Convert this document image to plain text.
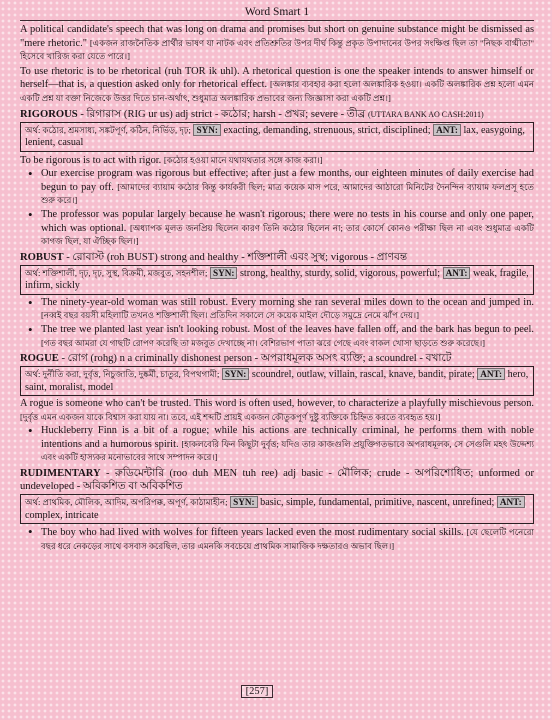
Word Smart 1

A political candidate's speech that was long on drama and promises but short on genuine substance might be dismissed as "mere rhetoric." [একজন রাজনৈতিক প্রার্থীর ভাষণ যা নাটক এবং প্রতিশ্রুতির উপর দীর্ঘ কিন্তু প্রকৃত উপাদানের উপর সংক্ষিপ্ত ছিল তা "নিছক বাগ্মীতা" হিসেবে খারিজ করা যেতে পারে।]

To use rhetoric is to be rhetorical (ruh TOR ik uhl). A rhetorical question is one the speaker intends to answer himself or herself—that is, a question asked only for rhetorical effect. [অলঙ্কার ব্যবহার করা হলো অলঙ্কারিক হওয়া। একটি অলঙ্কারিক প্রশ্ন হলো এমন একটি প্রশ্ন যা বক্তা নিজেকে উত্তর দিতে চান-অর্থাৎ, শুধুমাত্র অলঙ্কারিক প্রভাবের জন্য জিজ্ঞাসা করা একটি প্রশ্ন।]

RIGOROUS - রিগারাস (RIG ur us) adj strict - কঠোর; harsh - প্রখর; severe - তীব্র (UTTARA BANK AO CASH:2011)

অর্থ: কঠোর, শ্রমসাধ্য, সঙ্কটপূর্ণ, কঠিন, নির্ভিড়, দৃঢ়; SYN: exacting, demanding, strenuous, strict, disciplined; ANT: lax, easygoing, lenient, casual

To be rigorous is to act with rigor. [কঠোর হওয়া মানে যথাযথতার সঙ্গে কাজ করা।]

• Our exercise program was rigorous but effective; after just a few months, our eighteen minutes of daily exercise had begun to pay off. [আমাদের ব্যায়াম কঠোর কিন্তু কার্যকরী ছিল; মাত্র কয়েক মাস পরে, আমাদের আঠারো মিনিটের দৈনন্দিন ব্যায়াম ফলপ্রসূ হতে শুরু করে।]

• The professor was popular largely because he wasn't rigorous; there were no tests in his course and only one paper, which was optional. [অধ্যাপক মূলত জনপ্রিয় ছিলেন কারণ তিনি কঠোর ছিলেন না; তার কোর্সে কোনও পরীক্ষা ছিল না এবং শুধুমাত্র একটি কাগজ ছিল, যা ঐচ্ছিক ছিল।]

ROBUST - রোবাস্ট (roh BUST) strong and healthy - শক্তিশালী এবং সুস্থ; vigorous - প্রাণবন্ত

অর্থ: শক্তিশালী, দৃঢ়, দৃঢ়, সুস্থ, বিক্রমী, মজবুত, সহনশীল; SYN: strong, healthy, sturdy, solid, vigorous, powerful; ANT: weak, fragile, infirm, sickly

• The ninety-year-old woman was still robust. Every morning she ran several miles down to the ocean and jumped in. [নব্বই বছর বয়সী মহিলাটি তখনও শক্তিশালী ছিল। প্রতিদিন সকালে সে কয়েক মাইল দৌড়ে সমুদ্রে নেমে ঝাঁপ দেয়।]

• The tree we planted last year isn't looking robust. Most of the leaves have fallen off, and the bark has begun to peel. [গত বছর আমরা যে গাছটি রোপণ করেছি তা মজবুত দেখাচ্ছে না। বেশিরভাগ পাতা ঝরে গেছে এবং বাকল খোসা ছাড়তে শুরু করেছে।]

ROGUE - রোগ (rohg) n a criminally dishonest person - অপরাধমূলক অসৎ ব্যক্তি; a scoundrel - বখাটে

অর্থ: দুর্নীতি করা, দুর্বৃত্ত, নিচুজাতি, দুষ্কর্মী, চাতুর, বিপথগামী; SYN: scoundrel, outlaw, villain, rascal, knave, bandit, pirate; ANT: hero, saint, moralist, model

A rogue is someone who can't be trusted. This word is often used, however, to characterize a playfully mischievous person. [দুর্বৃত্ত এমন একজন যাকে বিশ্বাস করা যায় না। তবে, এই শব্দটি প্রায়ই একজন কৌতুকপূর্ণ দুষ্টু ব্যক্তিকে চিহ্নিত করতে ব্যবহৃত হয়।]

• Huckleberry Finn is a bit of a rogue; while his actions are technically criminal, he performs them with noble intentions and a humorous spirit. [হাকলবেরি ফিন কিছুটা দুর্বৃত্ত; যদিও তার কাজগুলি প্রযুক্তিগতভাবে অপরাধমূলক, সে সেগুলি মহৎ উদ্দেশ্য এবং একটি হাস্যকর মনোভাবের সাথে সম্পাদন করে।]

RUDIMENTARY - রুডিমেন্টারি (roo duh MEN tuh ree) adj basic - মৌলিক; crude - অপরিশোধিত; unformed or undeveloped - অবিকশিত বা অবিকশিত

অর্থ: প্রাথমিক, মৌলিক, আদিম, অপরিপক্ক, অপূর্ণ, কাঠামাহীন; SYN: basic, simple, fundamental, primitive, nascent, unrefined; ANT: complex, intricate

• The boy who had lived with wolves for fifteen years lacked even the most rudimentary social skills. [যে ছেলেটি পনেরো বছর ধরে নেকড়ের সাথে বসবাস করেছিল, তার এমনকি সবচেয়ে প্রাথমিক সামাজিক দক্ষতারও অভাব ছিল।]

[257]
